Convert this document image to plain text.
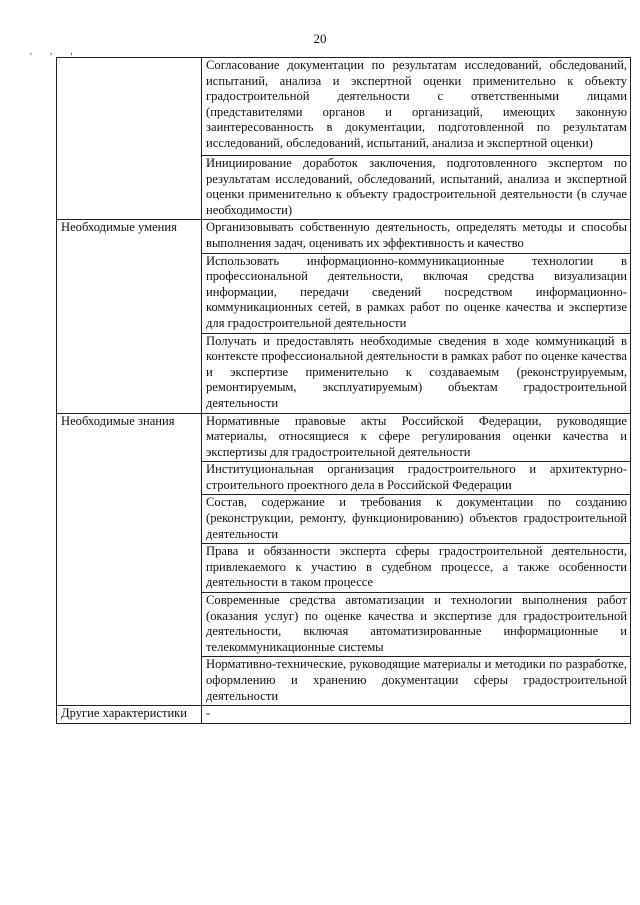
20
' ' '

	Согласование документации по результатам исследований, обследований, испытаний, анализа и экспертной оценки применительно к объекту градостроительной деятельности с ответственными лицами (представителями органов и организаций, имеющих законную заинтересованность в документации, подготовленной по результатам исследований, обследований, испытаний, анализа и экспертной оценки)

	Инициирование доработок заключения, подготовленного экспертом по результатам исследований, обследований, испытаний, анализа и экспертной оценки применительно к объекту градостроительной деятельности (в случае необходимости)

Необходимые умения	Организовывать собственную деятельность, определять методы и способы выполнения задач, оценивать их эффективность и качество

	Использовать информационно-коммуникационные технологии в профессиональной деятельности, включая средства визуализации информации, передачи сведений посредством информационно-коммуникационных сетей, в рамках работ по оценке качества и экспертизе для градостроительной деятельности

	Получать и предоставлять необходимые сведения в ходе коммуникаций в контексте профессиональной деятельности в рамках работ по оценке качества и экспертизе применительно к создаваемым (реконструируемым, ремонтируемым, эксплуатируемым) объектам градостроительной деятельности

Необходимые знания	Нормативные правовые акты Российской Федерации, руководящие материалы, относящиеся к сфере регулирования оценки качества и экспертизы для градостроительной деятельности

	Институциональная организация градостроительного и архитектурно-строительного проектного дела в Российской Федерации

	Состав, содержание и требования к документации по созданию (реконструкции, ремонту, функционированию) объектов градостроительной деятельности

	Права и обязанности эксперта сферы градостроительной деятельности, привлекаемого к участию в судебном процессе, а также особенности деятельности в таком процессе

	Современные средства автоматизации и технологии выполнения работ (оказания услуг) по оценке качества и экспертизе для градостроительной деятельности, включая автоматизированные информационные и телекоммуникационные системы

	Нормативно-технические, руководящие материалы и методики по разработке, оформлению и хранению документации сферы градостроительной деятельности

Другие характеристики	-
